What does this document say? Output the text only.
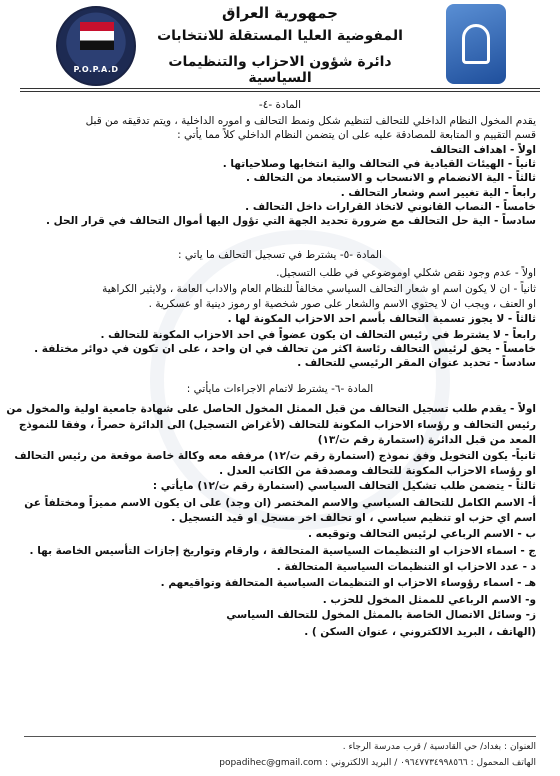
P.O.P.A.D
جمهورية العراق
المفوضية العليا المستقلة للانتخابات
دائرة شؤون الاحزاب والتنظيمات السياسية
المادة -٤-
يقدم المخول النظام الداخلي للتحالف لتنظيم شكل ونمط التحالف و اموره الداخلية ، ويتم تدقيقه من قبل
قسم التقييم و المتابعة للمصادقة عليه على ان يتضمن النظام الداخلي كلاً مما يأتي :
اولاً - اهداف التحالف
ثانياً - الهيئات القيادية في التحالف والية انتخابها وصلاحياتها .
ثالثاً - الية الانضمام و الانسحاب و الاستبعاد من التحالف .
رابعاً - الية تغيير اسم وشعار التحالف .
خامساً - النصاب القانوني لاتخاذ القرارات داخل التحالف .
سادساً - الية حل التحالف مع ضرورة تحديد الجهة التي تؤول اليها أموال التحالف في قرار الحل .
المادة -٥- يشترط في تسجيل التحالف ما ياتي :
اولاً - عدم وجود نقص شكلي اوموضوعي في طلب التسجيل.
ثانياً - ان لا يكون اسم او شعار التحالف السياسي مخالفاً للنظام العام والاداب العامة ، ولايثير الكراهية
او العنف ، ويجب ان لا يحتوي الاسم والشعار على صور شخصية او رموز دينية او عسكرية .
ثالثاً - لا يجوز تسمية التحالف بأسم احد الاحزاب المكونة لها .
رابعاً - لا يشترط في رئيس التحالف ان يكون عضواً في احد الاحزاب المكونة للتحالف .
خامساً - يحق لرئيس التحالف رئاسة اكثر من تحالف في ان واحد ، على ان تكون في دوائر مختلفة .
سادساً - تحديد عنوان المقر الرئيسي للتحالف .
المادة -٦- يشترط لاتمام الاجراءات مايأتي :
اولاً - يقدم طلب تسجيل التحالف من قبل الممثل المخول الحاصل على شهادة جامعية اولية والمخول من
رئيس التحالف و رؤساء الاحزاب المكونة للتحالف (لأغراض التسجيل) الى الدائرة حصراً ، وفقا للنموذج
المعد من قبل الدائرة (استمارة رقم ت/١٣)
ثانياً- يكون التخويل وفق نموذج (استمارة رقم ت/١٢) مرفقه معه وكالة خاصة موقعة من رئيس التحالف
او رؤساء الاحزاب المكونة للتحالف ومصدقة من الكاتب العدل .
ثالثاً - يتضمن طلب تشكيل التحالف السياسي (استمارة رقم ت/١٢) مايأتي :
أ- الاسم الكامل للتحالف السياسي والاسم المختصر (ان وجد) على ان يكون الاسم مميزاً ومختلفاً عن
اسم اي حزب او تنظيم سياسي ، او تحالف اخر مسجل او قيد التسجيل .
ب - الاسم الرباعي لرئيس التحالف وتوقيعه .
ج - اسماء الاحزاب او التنظيمات السياسية المتحالفة ، وارقام وتواريخ إجازات التأسيس الخاصة بها .
د - عدد الاحزاب او التنظيمات السياسية المتحالفة .
هـ - اسماء رؤوساء الاحزاب او التنظيمات السياسية المتحالفة وتواقيعهم .
و- الاسم الرباعي للممثل المخول للحزب .
ز- وسائل الاتصال الخاصة بالممثل المخول للتحالف السياسي
(الهاتف ، البريد الالكتروني ، عنوان السكن ) .
العنوان : بغداد/ حي القادسية / قرب مدرسة الرجاء .
الهاتف المحمول : ٠٩٦٤٧٧٣٤٩٩٨٥٦٦ / البريد الالكتروني : popadihec@gmail.com
